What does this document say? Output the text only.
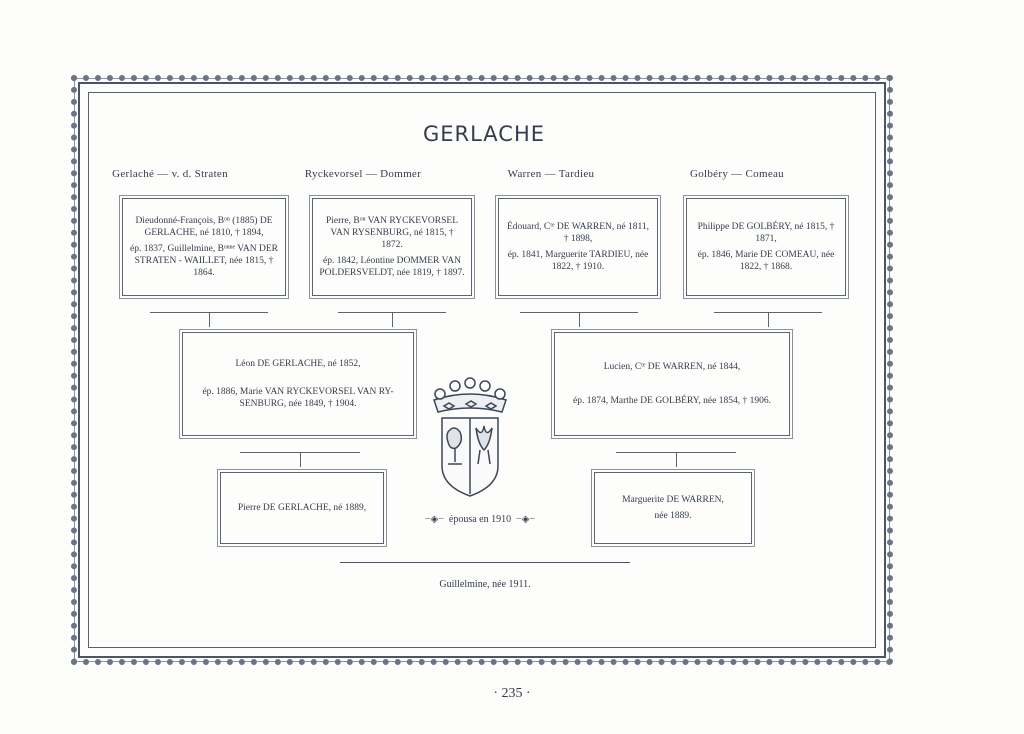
GERLACHE
Gerlaché — v. d. Straten	Ryckevorsel — Dommer	Warren — Tardieu	Golbéry — Comeau

Dieudonné-François, Bᵒⁿ (1885) DE GERLACHE, né 1810, † 1894,

ép. 1837, Guillelmine, Bᵒⁿⁿᵉ VAN DER STRATEN - WAILLET, née 1815, † 1864.

Pierre, Bᵒⁿ VAN RYCKEVORSEL VAN RYSENBURG, né 1815, † 1872.

ép. 1842, Léontine DOMMER VAN POLDERSVELDT, née 1819, † 1897.

Édouard, Cᵗᵉ DE WARREN, né 1811, † 1898,

ép. 1841, Marguerite TARDIEU, née 1822, † 1910.

Philippe DE GOLBÉRY, né 1815, † 1871,

ép. 1846, Marie DE COMEAU, née 1822, † 1868.

Léon DE GERLACHE, né 1852,

ép. 1886, Marie VAN RYCKEVORSEL VAN RY-SENBURG, née 1849, † 1904.

Lucien, Cᵗᵉ DE WARREN, né 1844,

ép. 1874, Marthe DE GOLBÉRY, née 1854, † 1906.

Pierre DE GERLACHE, né 1889,

Marguerite DE WARREN,

née 1889.

−◈− épousa en 1910 −◈−
Guillelmine, née 1911.
· 235 ·
